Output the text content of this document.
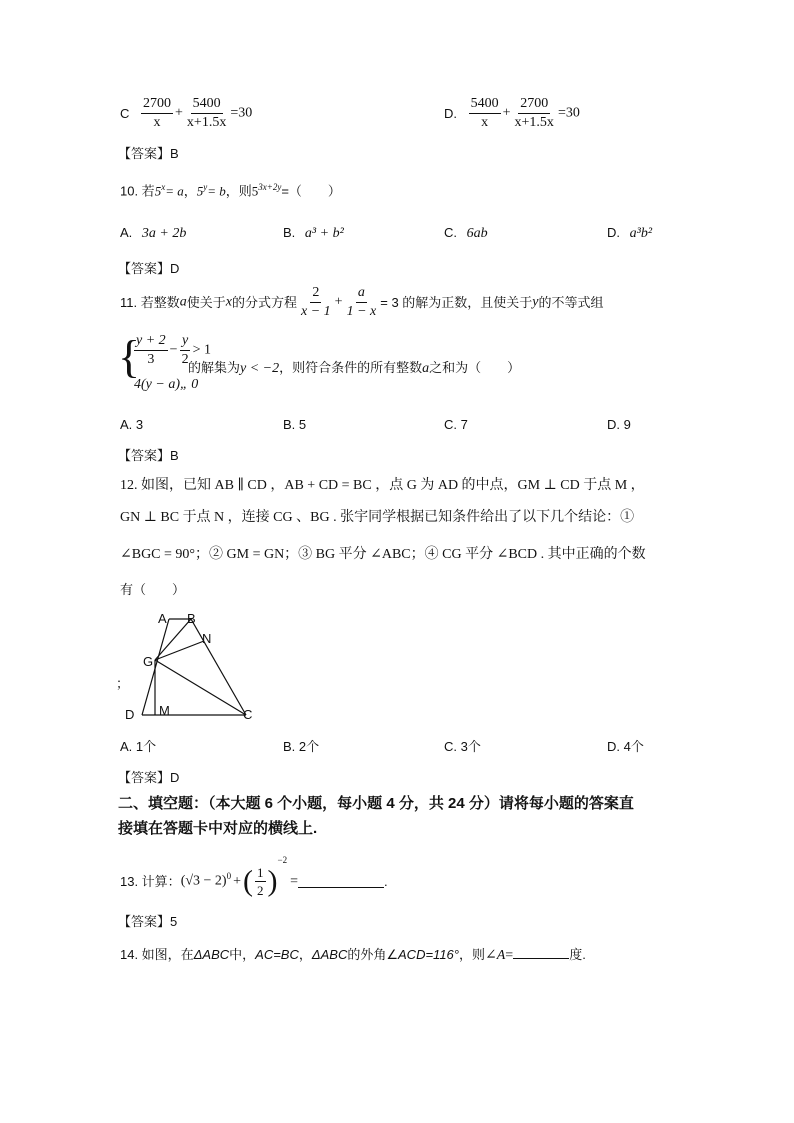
C $\frac{2700}{x} + \frac{5400}{x+1.5x} =30$	D. $\frac{5400}{x} + \frac{2700}{x+1.5x} =30$
【答案】B
10. 若$5^x= a$，$5^y= b$，则$5^{3x+2y}=$（　　）
A. 3a + 2b	B. a³ + b²	C. 6ab	D. a³b²
【答案】D
11. 若整数a使关于x的分式方程 $\frac{2}{x - 1} + \frac{a}{1 - x} = 3$ 的解为正数，且使关于y的不等式组
{
$\frac{y + 2}{3} - \frac{y}{2} > 1$
4(y − a)„ 0
的解集为y < −2，则符合条件的所有整数a之和为（　　）
A. 3	B. 5	C. 7	D. 9
【答案】B
12. 如图，已知 AB ∥ CD ，AB + CD = BC ，点 G 为 AD 的中点，GM ⊥ CD 于点 M ，
GN ⊥ BC 于点 N ，连接 CG 、BG . 张宇同学根据已知条件给出了以下几个结论：①
∠BGC = 90°；② GM = GN；③ BG 平分 ∠ABC；④ CG 平分 ∠BCD . 其中正确的个数
有（　　）
；
A B
N
G
D M	C
A. 1个	B. 2个	C. 3个	D. 4个
【答案】D
二、填空题：（本大题 6 个小题，每小题 4 分，共 24 分）请将每小题的答案直
接填在答题卡中对应的横线上.
13. 计算：$(√3 - 2)^0$ +( $\frac{1}{2} )^{-2}=$	.
【答案】5
14. 如图，在ΔABC中，AC=BC，ΔABC的外角∠ACD=116°，则∠A=	度.
